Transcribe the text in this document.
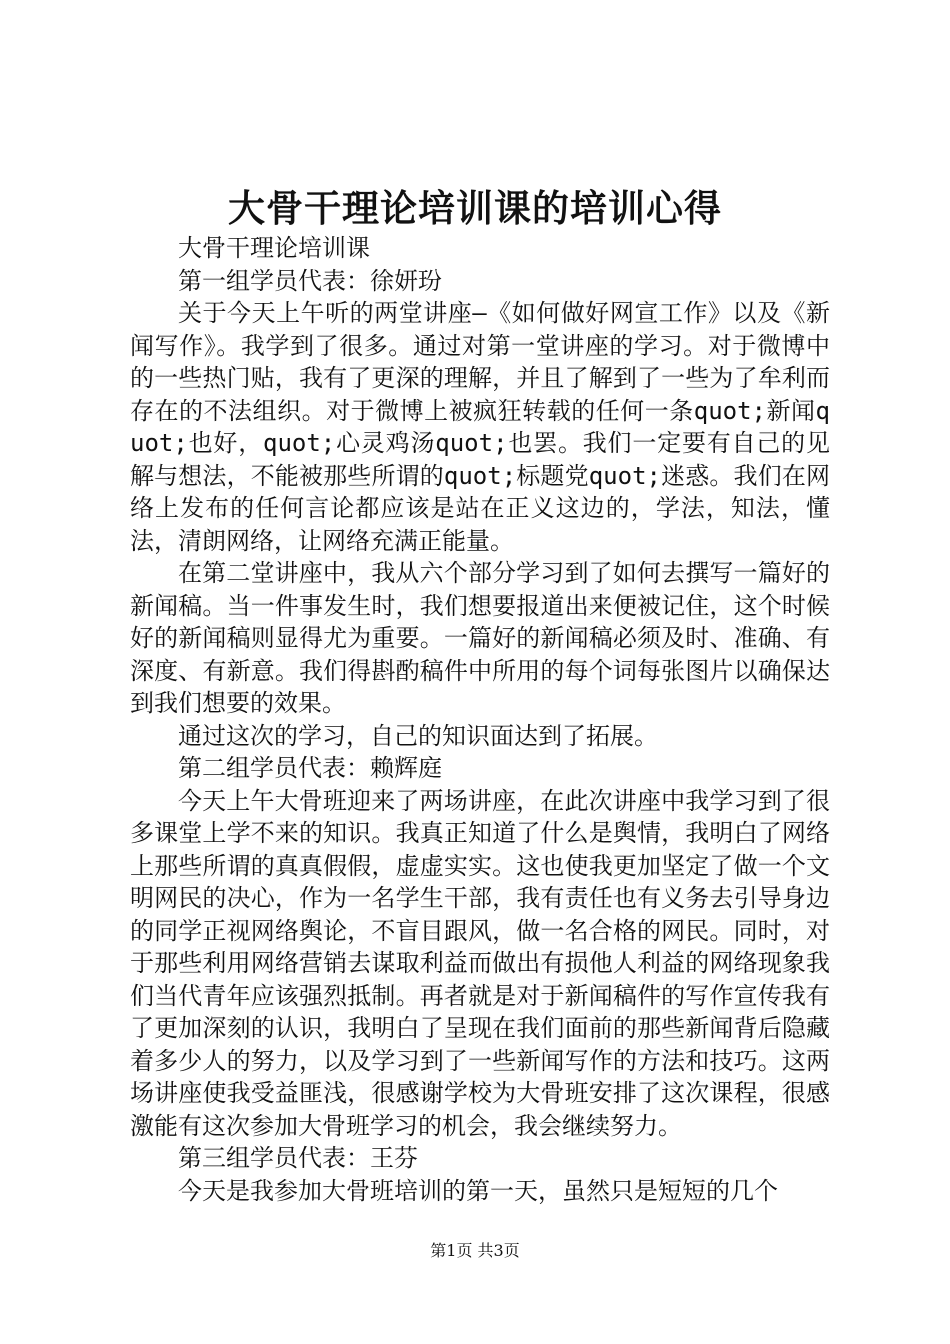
大骨干理论培训课的培训心得

大骨干理论培训课

第一组学员代表：徐妍玢

关于今天上午听的两堂讲座—《如何做好网宣工作》以及《新闻写作》。我学到了很多。通过对第一堂讲座的学习。对于微博中的一些热门贴，我有了更深的理解，并且了解到了一些为了牟利而存在的不法组织。对于微博上被疯狂转载的任何一条quot;新闻quot;也好，quot;心灵鸡汤quot;也罢。我们一定要有自己的见解与想法，不能被那些所谓的quot;标题党quot;迷惑。我们在网络上发布的任何言论都应该是站在正义这边的，学法，知法，懂法，清朗网络，让网络充满正能量。

在第二堂讲座中，我从六个部分学习到了如何去撰写一篇好的新闻稿。当一件事发生时，我们想要报道出来便被记住，这个时候好的新闻稿则显得尤为重要。一篇好的新闻稿必须及时、准确、有深度、有新意。我们得斟酌稿件中所用的每个词每张图片以确保达到我们想要的效果。

通过这次的学习，自己的知识面达到了拓展。

第二组学员代表：赖辉庭

今天上午大骨班迎来了两场讲座，在此次讲座中我学习到了很多课堂上学不来的知识。我真正知道了什么是舆情，我明白了网络上那些所谓的真真假假，虚虚实实。这也使我更加坚定了做一个文明网民的决心，作为一名学生干部，我有责任也有义务去引导身边的同学正视网络舆论，不盲目跟风，做一名合格的网民。同时，对于那些利用网络营销去谋取利益而做出有损他人利益的网络现象我们当代青年应该强烈抵制。再者就是对于新闻稿件的写作宣传我有了更加深刻的认识，我明白了呈现在我们面前的那些新闻背后隐藏着多少人的努力，以及学习到了一些新闻写作的方法和技巧。这两场讲座使我受益匪浅，很感谢学校为大骨班安排了这次课程，很感激能有这次参加大骨班学习的机会，我会继续努力。

第三组学员代表：王芬

今天是我参加大骨班培训的第一天，虽然只是短短的几个

第1页 共3页
